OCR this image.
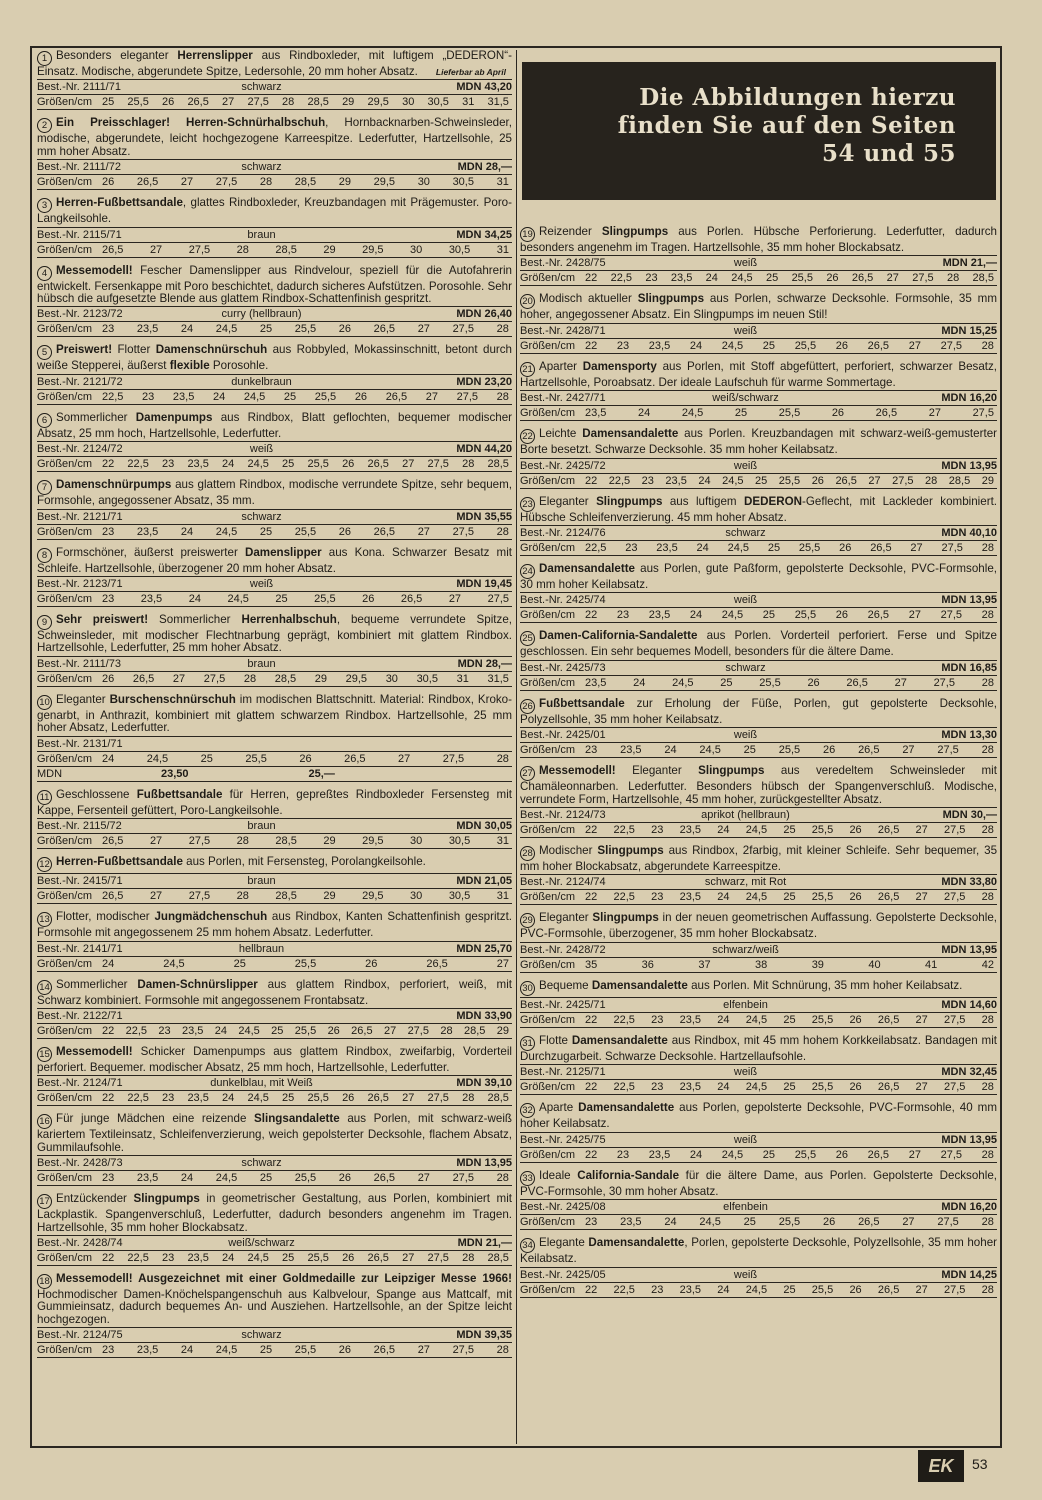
Die Abbildungen hierzu
finden Sie auf den Seiten
54 und 55

1 Besonders eleganter Herrenslipper aus Rindboxleder, mit luftigem „DEDERON“-Einsatz. Modische, abgerundete Spitze, Ledersohle, 20 mm hoher Absatz. Lieferbar ab April

Best.-Nr. 2111/71	schwarz	MDN 43,20
Größen/cm 25 25,5 26 26,5 27 27,5 28 28,5 29 29,5 30 30,5 31 31,5

2 Ein Preisschlager! Herren-Schnürhalbschuh, Hornbacknarben-Schweinsleder, modische, abgerundete, leicht hochgezogene Karreespitze. Lederfutter, Hartzellsohle, 25 mm hoher Absatz.

Best.-Nr. 2111/72	schwarz	MDN 28,—
Größen/cm 26 26,5 27 27,5 28 28,5 29 29,5 30 30,5 31

3 Herren-Fußbettsandale, glattes Rindboxleder, Kreuzbandagen mit Prägemuster. Poro-Langkeilsohle.

Best.-Nr. 2115/71	braun	MDN 34,25
Größen/cm 26,5 27 27,5 28 28,5 29 29,5 30 30,5 31

4 Messemodell! Fescher Damenslipper aus Rindvelour, speziell für die Autofahrerin entwickelt. Fersenkappe mit Poro beschichtet, dadurch sicheres Aufstützen. Porosohle. Sehr hübsch die aufgesetzte Blende aus glattem Rindbox-Schattenfinish gespritzt.

Best.-Nr. 2123/72	curry (hellbraun)	MDN 26,40
Größen/cm 23 23,5 24 24,5 25 25,5 26 26,5 27 27,5 28

5 Preiswert! Flotter Damenschnürschuh aus Robbyled, Mokassinschnitt, betont durch weiße Stepperei, äußerst flexible Porosohle.

Best.-Nr. 2121/72	dunkelbraun	MDN 23,20
Größen/cm 22,5 23 23,5 24 24,5 25 25,5 26 26,5 27 27,5 28

6 Sommerlicher Damenpumps aus Rindbox, Blatt geflochten, bequemer modischer Absatz, 25 mm hoch, Hartzellsohle, Lederfutter.

Best.-Nr. 2124/72	weiß	MDN 44,20
Größen/cm 22 22,5 23 23,5 24 24,5 25 25,5 26 26,5 27 27,5 28 28,5

7 Damenschnürpumps aus glattem Rindbox, modische verrundete Spitze, sehr bequem, Formsohle, angegossener Absatz, 35 mm.

Best.-Nr. 2121/71	schwarz	MDN 35,55
Größen/cm 23 23,5 24 24,5 25 25,5 26 26,5 27 27,5 28

8 Formschöner, äußerst preiswerter Damenslipper aus Kona. Schwarzer Besatz mit Schleife. Hartzellsohle, überzogener 20 mm hoher Absatz.

Best.-Nr. 2123/71	weiß	MDN 19,45
Größen/cm 23 23,5 24 24,5 25 25,5 26 26,5 27 27,5

9 Sehr preiswert! Sommerlicher Herrenhalbschuh, bequeme verrundete Spitze, Schweinsleder, mit modischer Flechtnarbung geprägt, kombiniert mit glattem Rindbox. Hartzellsohle, Lederfutter, 25 mm hoher Absatz.

Best.-Nr. 2111/73	braun	MDN 28,—
Größen/cm 26 26,5 27 27,5 28 28,5 29 29,5 30 30,5 31 31,5

10 Eleganter Burschenschnürschuh im modischen Blattschnitt. Material: Rindbox, Kroko-genarbt, in Anthrazit, kombiniert mit glattem schwarzem Rindbox. Hartzellsohle, 25 mm hoher Absatz, Lederfutter.

Best.-Nr. 2131/71
Größen/cm 24	24,5	25	25,5	26	26,5	27	27,5	28
MDN	23,50	25,—

11 Geschlossene Fußbettsandale für Herren, gepreßtes Rindboxleder Fersensteg mit Kappe, Fersenteil gefüttert, Poro-Langkeilsohle.

Best.-Nr. 2115/72	braun	MDN 30,05
Größen/cm 26,5 27 27,5 28 28,5 29 29,5 30 30,5 31

12 Herren-Fußbettsandale aus Porlen, mit Fersensteg, Porolangkeilsohle.

Best.-Nr. 2415/71	braun	MDN 21,05
Größen/cm 26,5 27 27,5 28 28,5 29 29,5 30 30,5 31

13 Flotter, modischer Jungmädchenschuh aus Rindbox, Kanten Schattenfinish gespritzt. Formsohle mit angegossenem 25 mm hohem Absatz. Lederfutter.

Best.-Nr. 2141/71	hellbraun	MDN 25,70
Größen/cm 24	24,5	25	25,5	26	26,5	27

14 Sommerlicher Damen-Schnürslipper aus glattem Rindbox, perforiert, weiß, mit Schwarz kombiniert. Formsohle mit angegossenem Frontabsatz.

Best.-Nr. 2122/71	MDN 33,90
Größen/cm 22 22,5 23 23,5 24 24,5 25 25,5 26 26,5 27 27,5 28 28,5 29

15 Messemodell! Schicker Damenpumps aus glattem Rindbox, zweifarbig, Vorderteil perforiert. Bequemer. modischer Absatz, 25 mm hoch, Hartzellsohle, Lederfutter.

Best.-Nr. 2124/71	dunkelblau, mit Weiß	MDN 39,10
Größen/cm 22 22,5 23 23,5 24 24,5 25 25,5 26 26,5 27 27,5 28 28,5

16 Für junge Mädchen eine reizende Slingsandalette aus Porlen, mit schwarz-weiß kariertem Textileinsatz, Schleifenverzierung, weich gepolsterter Decksohle, flachem Absatz, Gummilaufsohle.

Best.-Nr. 2428/73	schwarz	MDN 13,95
Größen/cm 23 23,5 24 24,5 25 25,5 26 26,5 27 27,5 28

17 Entzückender Slingpumps in geometrischer Gestaltung, aus Porlen, kombiniert mit Lackplastik. Spangenverschluß, Lederfutter, dadurch besonders angenehm im Tragen. Hartzellsohle, 35 mm hoher Blockabsatz.

Best.-Nr. 2428/74	weiß/schwarz	MDN 21,—
Größen/cm 22 22,5 23 23,5 24 24,5 25 25,5 26 26,5 27 27,5 28 28,5

18 Messemodell! Ausgezeichnet mit einer Goldmedaille zur Leipziger Messe 1966! Hochmodischer Damen-Knöchelspangenschuh aus Kalbvelour, Spange aus Mattcalf, mit Gummieinsatz, dadurch bequemes An- und Ausziehen. Hartzellsohle, an der Spitze leicht hochgezogen.

Best.-Nr. 2124/75	schwarz	MDN 39,35
Größen/cm 23 23,5 24 24,5 25 25,5 26 26,5 27 27,5 28

19 Reizender Slingpumps aus Porlen. Hübsche Perforierung. Lederfutter, dadurch besonders angenehm im Tragen. Hartzellsohle, 35 mm hoher Blockabsatz.

Best.-Nr. 2428/75	weiß	MDN 21,—
Größen/cm 22 22,5 23 23,5 24 24,5 25 25,5 26 26,5 27 27,5 28 28,5

20 Modisch aktueller Slingpumps aus Porlen, schwarze Decksohle. Formsohle, 35 mm hoher, angegossener Absatz. Ein Slingpumps im neuen Stil!

Best.-Nr. 2428/71	weiß	MDN 15,25
Größen/cm 22 23 23,5 24 24,5 25 25,5 26 26,5 27 27,5 28

21 Aparter Damensporty aus Porlen, mit Stoff abgefüttert, perforiert, schwarzer Besatz, Hartzellsohle, Poroabsatz. Der ideale Laufschuh für warme Sommertage.

Best.-Nr. 2427/71	weiß/schwarz	MDN 16,20
Größen/cm 23,5	24	24,5	25	25,5	26	26,5	27	27,5

22 Leichte Damensandalette aus Porlen. Kreuzbandagen mit schwarz-weiß-gemusterter Borte besetzt. Schwarze Decksohle. 35 mm hoher Keilabsatz.

Best.-Nr. 2425/72	weiß	MDN 13,95
Größen/cm 22 22,5 23 23,5 24 24,5 25 25,5 26 26,5 27 27,5 28 28,5 29

23 Eleganter Slingpumps aus luftigem DEDERON-Geflecht, mit Lackleder kombiniert. Hübsche Schleifenverzierung. 45 mm hoher Absatz.

Best.-Nr. 2124/76	schwarz	MDN 40,10
Größen/cm 22,5 23 23,5 24 24,5 25 25,5 26 26,5 27 27,5 28

24 Damensandalette aus Porlen, gute Paßform, gepolsterte Decksohle, PVC-Formsohle, 30 mm hoher Keilabsatz.

Best.-Nr. 2425/74	weiß	MDN 13,95
Größen/cm 22 23 23,5 24 24,5 25 25,5 26 26,5 27 27,5 28

25 Damen-California-Sandalette aus Porlen. Vorderteil perforiert. Ferse und Spitze geschlossen. Ein sehr bequemes Modell, besonders für die ältere Dame.

Best.-Nr. 2425/73	schwarz	MDN 16,85
Größen/cm 23,5 24 24,5 25 25,5 26 26,5 27 27,5 28

26 Fußbettsandale zur Erholung der Füße, Porlen, gut gepolsterte Decksohle, Polyzellsohle, 35 mm hoher Keilabsatz.

Best.-Nr. 2425/01	weiß	MDN 13,30
Größen/cm 23 23,5 24 24,5 25 25,5 26 26,5 27 27,5 28

27 Messemodell! Eleganter Slingpumps aus veredeltem Schweinsleder mit Chamäleonnarben. Lederfutter. Besonders hübsch der Spangenverschluß. Modische, verrundete Form, Hartzellsohle, 45 mm hoher, zurückgestellter Absatz.

Best.-Nr. 2124/73	aprikot (hellbraun)	MDN 30,—
Größen/cm 22 22,5 23 23,5 24 24,5 25 25,5 26 26,5 27 27,5 28

28 Modischer Slingpumps aus Rindbox, 2farbig, mit kleiner Schleife. Sehr bequemer, 35 mm hoher Blockabsatz, abgerundete Karreespitze.

Best.-Nr. 2124/74	schwarz, mit Rot	MDN 33,80
Größen/cm 22 22,5 23 23,5 24 24,5 25 25,5 26 26,5 27 27,5 28

29 Eleganter Slingpumps in der neuen geometrischen Auffassung. Gepolsterte Decksohle, PVC-Formsohle, überzogener, 35 mm hoher Blockabsatz.

Best.-Nr. 2428/72	schwarz/weiß	MDN 13,95
Größen/cm 35	36	37	38	39	40	41	42

30 Bequeme Damensandalette aus Porlen. Mit Schnürung, 35 mm hoher Keilabsatz.

Best.-Nr. 2425/71	elfenbein	MDN 14,60
Größen/cm 22 22,5 23 23,5 24 24,5 25 25,5 26 26,5 27 27,5 28

31 Flotte Damensandalette aus Rindbox, mit 45 mm hohem Korkkeilabsatz. Bandagen mit Durchzugarbeit. Schwarze Decksohle. Hartzellaufsohle.

Best.-Nr. 2125/71	weiß	MDN 32,45
Größen/cm 22 22,5 23 23,5 24 24,5 25 25,5 26 26,5 27 27,5 28

32 Aparte Damensandalette aus Porlen, gepolsterte Decksohle, PVC-Formsohle, 40 mm hoher Keilabsatz.

Best.-Nr. 2425/75	weiß	MDN 13,95
Größen/cm 22 23 23,5 24 24,5 25 25,5 26 26,5 27 27,5 28

33 Ideale California-Sandale für die ältere Dame, aus Porlen. Gepolsterte Decksohle, PVC-Formsohle, 30 mm hoher Absatz.

Best.-Nr. 2425/08	elfenbein	MDN 16,20
Größen/cm 23 23,5 24 24,5 25 25,5 26 26,5 27 27,5 28

34 Elegante Damensandalette, Porlen, gepolsterte Decksohle, Polyzellsohle, 35 mm hoher Keilabsatz.

Best.-Nr. 2425/05	weiß	MDN 14,25
Größen/cm 22 22,5 23 23,5 24 24,5 25 25,5 26 26,5 27 27,5 28
EK	53
